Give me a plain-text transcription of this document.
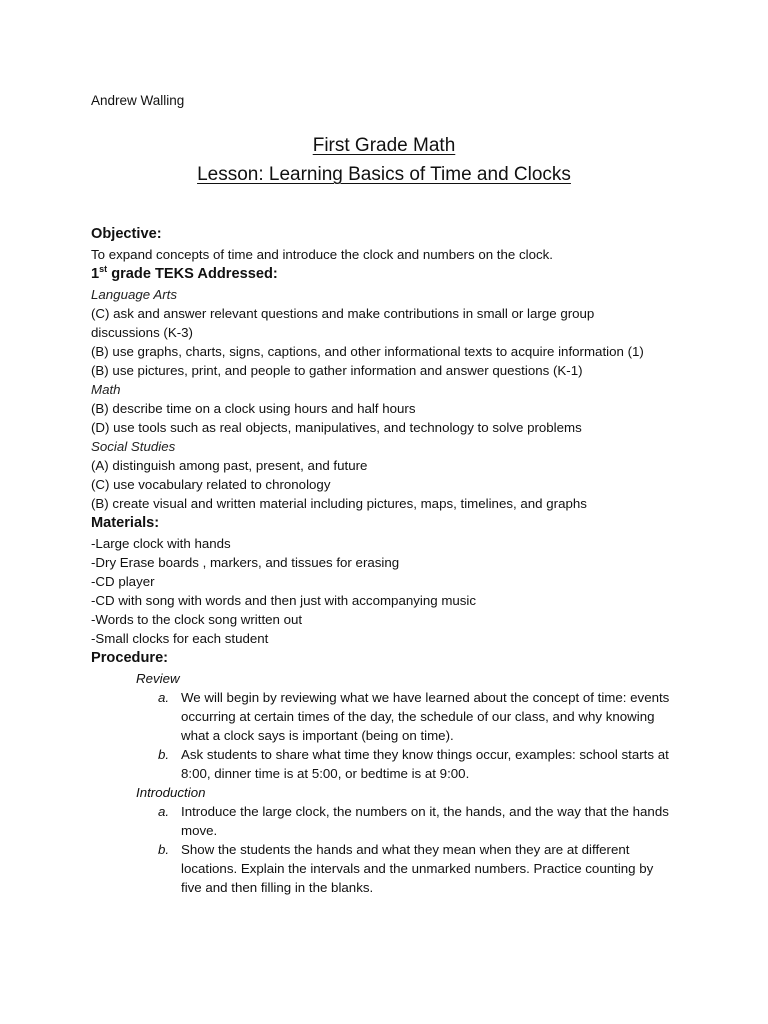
Andrew Walling
First Grade Math
Lesson: Learning Basics of Time and Clocks
Objective:
To expand concepts of time and introduce the clock and numbers on the clock.
1st grade TEKS Addressed:
Language Arts
(C) ask and answer relevant questions and make contributions in small or large group discussions (K-3)
(B) use graphs, charts, signs, captions, and other informational texts to acquire information (1)
(B) use pictures, print, and people to gather information and answer questions (K-1)
Math
(B) describe time on a clock using hours and half hours
(D) use tools such as real objects, manipulatives, and technology to solve problems
Social Studies
(A) distinguish among past, present, and future
(C) use vocabulary related to chronology
(B) create visual and written material including pictures, maps, timelines, and graphs
Materials:
-Large clock with hands
-Dry Erase boards , markers, and tissues for erasing
-CD player
-CD with song with words and then just with accompanying music
-Words to the clock song written out
-Small clocks for each student
Procedure:
Review
a. We will begin by reviewing what we have learned about the concept of time: events occurring at certain times of the day, the schedule of our class, and why knowing what a clock says is important (being on time).
b. Ask students to share what time they know things occur, examples: school starts at 8:00, dinner time is at 5:00, or bedtime is at 9:00.
Introduction
a. Introduce the large clock, the numbers on it, the hands, and the way that the hands move.
b. Show the students the hands and what they mean when they are at different locations. Explain the intervals and the unmarked numbers. Practice counting by five and then filling in the blanks.
